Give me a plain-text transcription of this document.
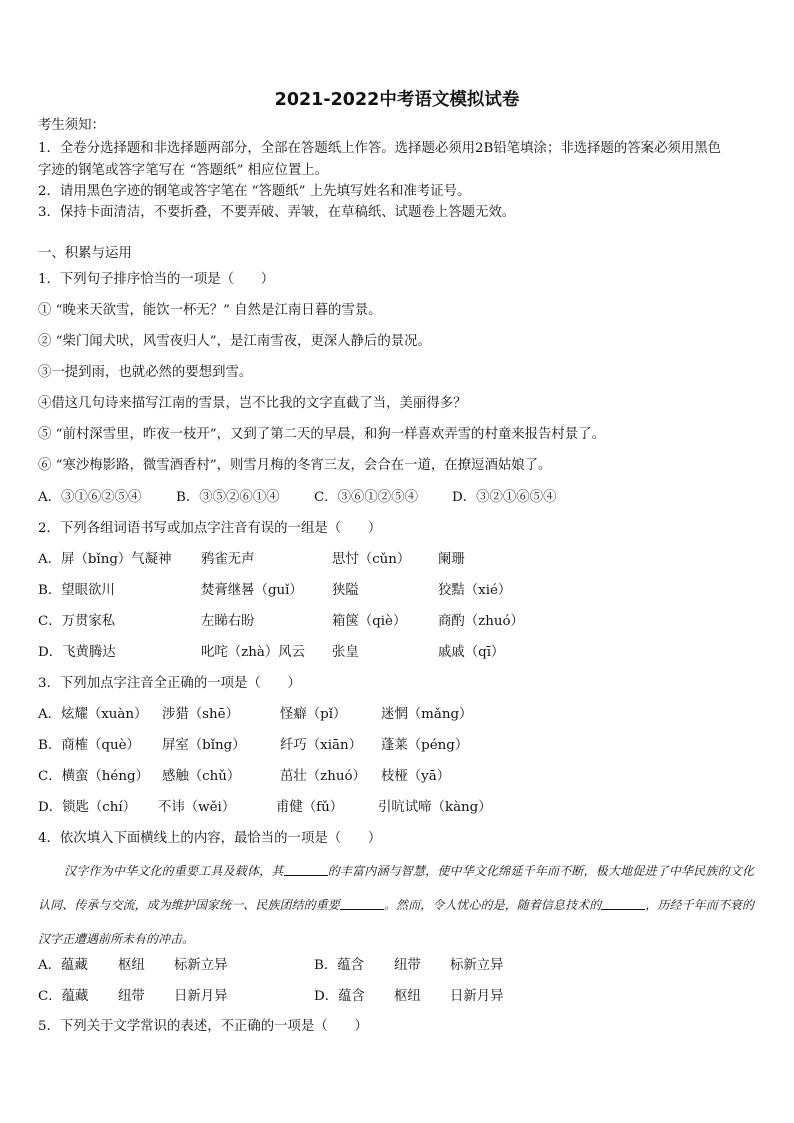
2021-2022中考语文模拟试卷
考生须知：
1．全卷分选择题和非选择题两部分，全部在答题纸上作答。选择题必须用2B铅笔填涂；非选择题的答案必须用黑色
字迹的钢笔或答字笔写在 “答题纸” 相应位置上。
2．请用黑色字迹的钢笔或答字笔在 “答题纸” 上先填写姓名和准考证号。
3．保持卡面清洁，不要折叠，不要弄破、弄皱，在草稿纸、试题卷上答题无效。
一、积累与运用
1．下列句子排序恰当的一项是（　　）
① “晚来天欲雪，能饮一杯无？” 自然是江南日暮的雪景。
② “柴门闻犬吠，风雪夜归人”，是江南雪夜，更深人静后的景况。
③一提到雨，也就必然的要想到雪。
④借这几句诗来描写江南的雪景，岂不比我的文字直截了当，美丽得多？
⑤ “前村深雪里，昨夜一枝开”，又到了第二天的早晨，和狗一样喜欢弄雪的村童来报告村景了。
⑥ “寒沙梅影路，微雪酒香村”，则雪月梅的冬宵三友，会合在一道，在撩逗酒姑娘了。
A．③①⑥②⑤④	B．③⑤②⑥①④	C．③⑥①②⑤④	D．③②①⑥⑤④
2．下列各组词语书写或加点字注音有误的一组是（　　）
A．屏（bǐng）气凝神 鸦雀无声	思忖（cǔn） 阑珊
B．望眼欲川	焚膏继晷（guǐ） 狭隘	狡黠（xié）
C．万贯家私	左睇右盼	箱箧（qiè） 商酌（zhuó）
D．飞黄腾达	叱咤（zhà）风云 张皇	戚戚（qī）
3．下列加点字注音全正确的一项是（　　）
A．炫耀（xuàn） 涉猎（shē）	怪癖（pǐ）	迷惘（mǎng）
B．商榷（què） 屏室（bǐng）	纤巧（xiān） 蓬莱（péng）
C．横蛮（héng） 感触（chǔ）	茁壮（zhuó） 枝桠（yā）
D．锁匙（chí） 不讳（wěi）	甫健（fǔ）	引吭试啼（kàng）
4．依次填入下面横线上的内容，最恰当的一项是（　　）

汉字作为中华文化的重要工具及载体，其	的丰富内涵与智慧，使中华文化绵延千年而不断，极大地促进了中华民族的文化认同、传承与交流，成为维护国家统一、民族团结的重要	。然而，令人忧心的是，随着信息技术的	，历经千年而不衰的汉字正遭遇前所未有的冲击。

A．蕴藏 枢纽 标新立异	B．蕴含 纽带 标新立异
C．蕴藏 纽带 日新月异	D．蕴含 枢纽 日新月异
5．下列关于文学常识的表述，不正确的一项是（　　）
